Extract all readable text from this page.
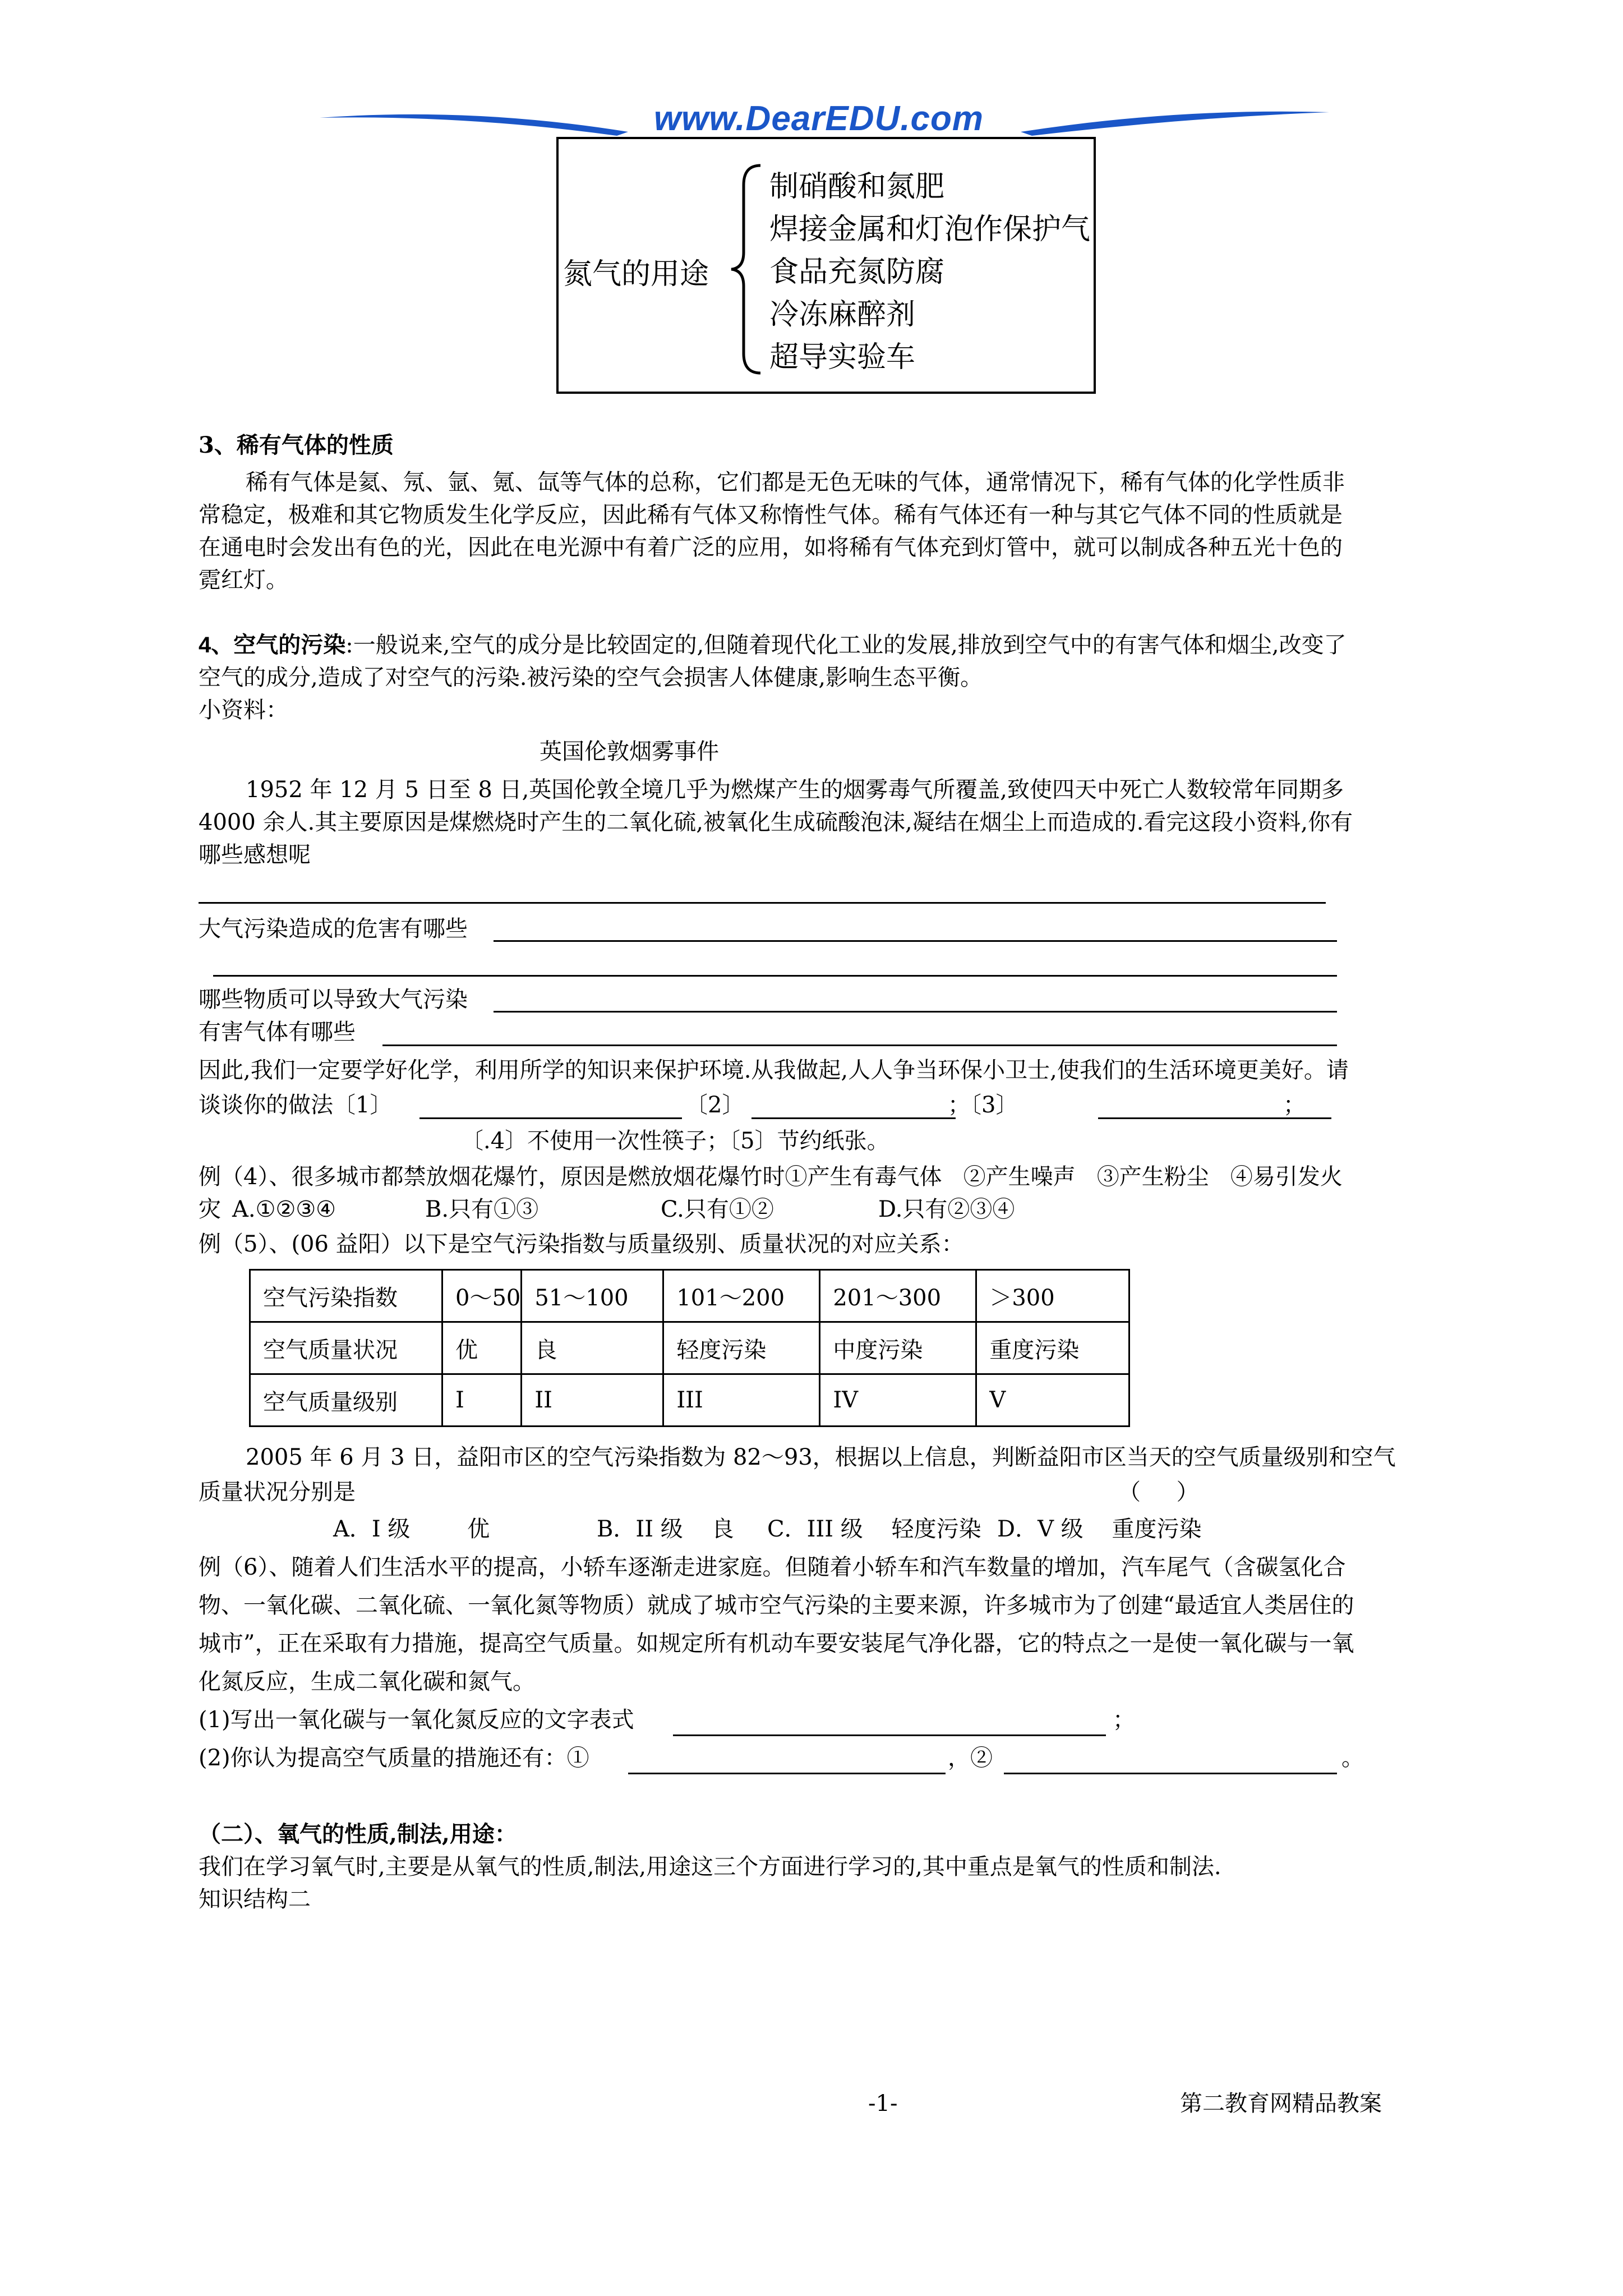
www.DearEDU.com
氮气的用途
制硝酸和氮肥
焊接金属和灯泡作保护气
食品充氮防腐
冷冻麻醉剂
超导实验车
3、稀有气体的性质
稀有气体是氦、氖、氩、氪、氙等气体的总称，它们都是无色无味的气体，通常情况下，稀有气体的化学性质非
常稳定，极难和其它物质发生化学反应，因此稀有气体又称惰性气体。稀有气体还有一种与其它气体不同的性质就是
在通电时会发出有色的光，因此在电光源中有着广泛的应用，如将稀有气体充到灯管中，就可以制成各种五光十色的
霓红灯。
4、空气的污染:一般说来,空气的成分是比较固定的,但随着现代化工业的发展,排放到空气中的有害气体和烟尘,改变了
空气的成分,造成了对空气的污染.被污染的空气会损害人体健康,影响生态平衡。
小资料：
英国伦敦烟雾事件
1952 年 12 月 5 日至 8 日,英国伦敦全境几乎为燃煤产生的烟雾毒气所覆盖,致使四天中死亡人数较常年同期多
4000 余人.其主要原因是煤燃烧时产生的二氧化硫,被氧化生成硫酸泡沫,凝结在烟尘上而造成的.看完这段小资料,你有
哪些感想呢
大气污染造成的危害有哪些
哪些物质可以导致大气污染
有害气体有哪些
因此,我们一定要学好化学，利用所学的知识来保护环境.从我做起,人人争当环保小卫士,使我们的生活环境更美好。请
谈谈你的做法〔1〕	〔2〕	；〔3〕	；
〔.4〕不使用一次性筷子；〔5〕节约纸张。
例（4）、很多城市都禁放烟花爆竹，原因是燃放烟花爆竹时①产生有毒气体   ②产生噪声   ③产生粉尘   ④易引发火
灾 A.①②③④	B.只有①③	C.只有①②	D.只有②③④
例（5）、(06 益阳）以下是空气污染指数与质量级别、质量状况的对应关系：
空气污染指数	0～50	51～100	101～200	201～300	＞300
空气质量状况	优	良	轻度污染	中度污染	重度污染
空气质量级别	I	II	III	IV	V
2005 年 6 月 3 日，益阳市区的空气污染指数为 82～93，根据以上信息，判断益阳市区当天的空气质量级别和空气
质量状况分别是	（     ）
A．I 级        优	B．II 级    良 C．III 级    轻度污染 D．V 级    重度污染
例（6）、随着人们生活水平的提高，小轿车逐渐走进家庭。但随着小轿车和汽车数量的增加，汽车尾气（含碳氢化合
物、一氧化碳、二氧化硫、一氧化氮等物质）就成了城市空气污染的主要来源，许多城市为了创建“最适宜人类居住的
城市”，正在采取有力措施，提高空气质量。如规定所有机动车要安装尾气净化器，它的特点之一是使一氧化碳与一氧
化氮反应，生成二氧化碳和氮气。
(1)写出一氧化碳与一氧化氮反应的文字表式	；
(2)你认为提高空气质量的措施还有：①	，②	。
（二）、氧气的性质,制法,用途：
我们在学习氧气时,主要是从氧气的性质,制法,用途这三个方面进行学习的,其中重点是氧气的性质和制法.
知识结构二
-1-	第二教育网精品教案
